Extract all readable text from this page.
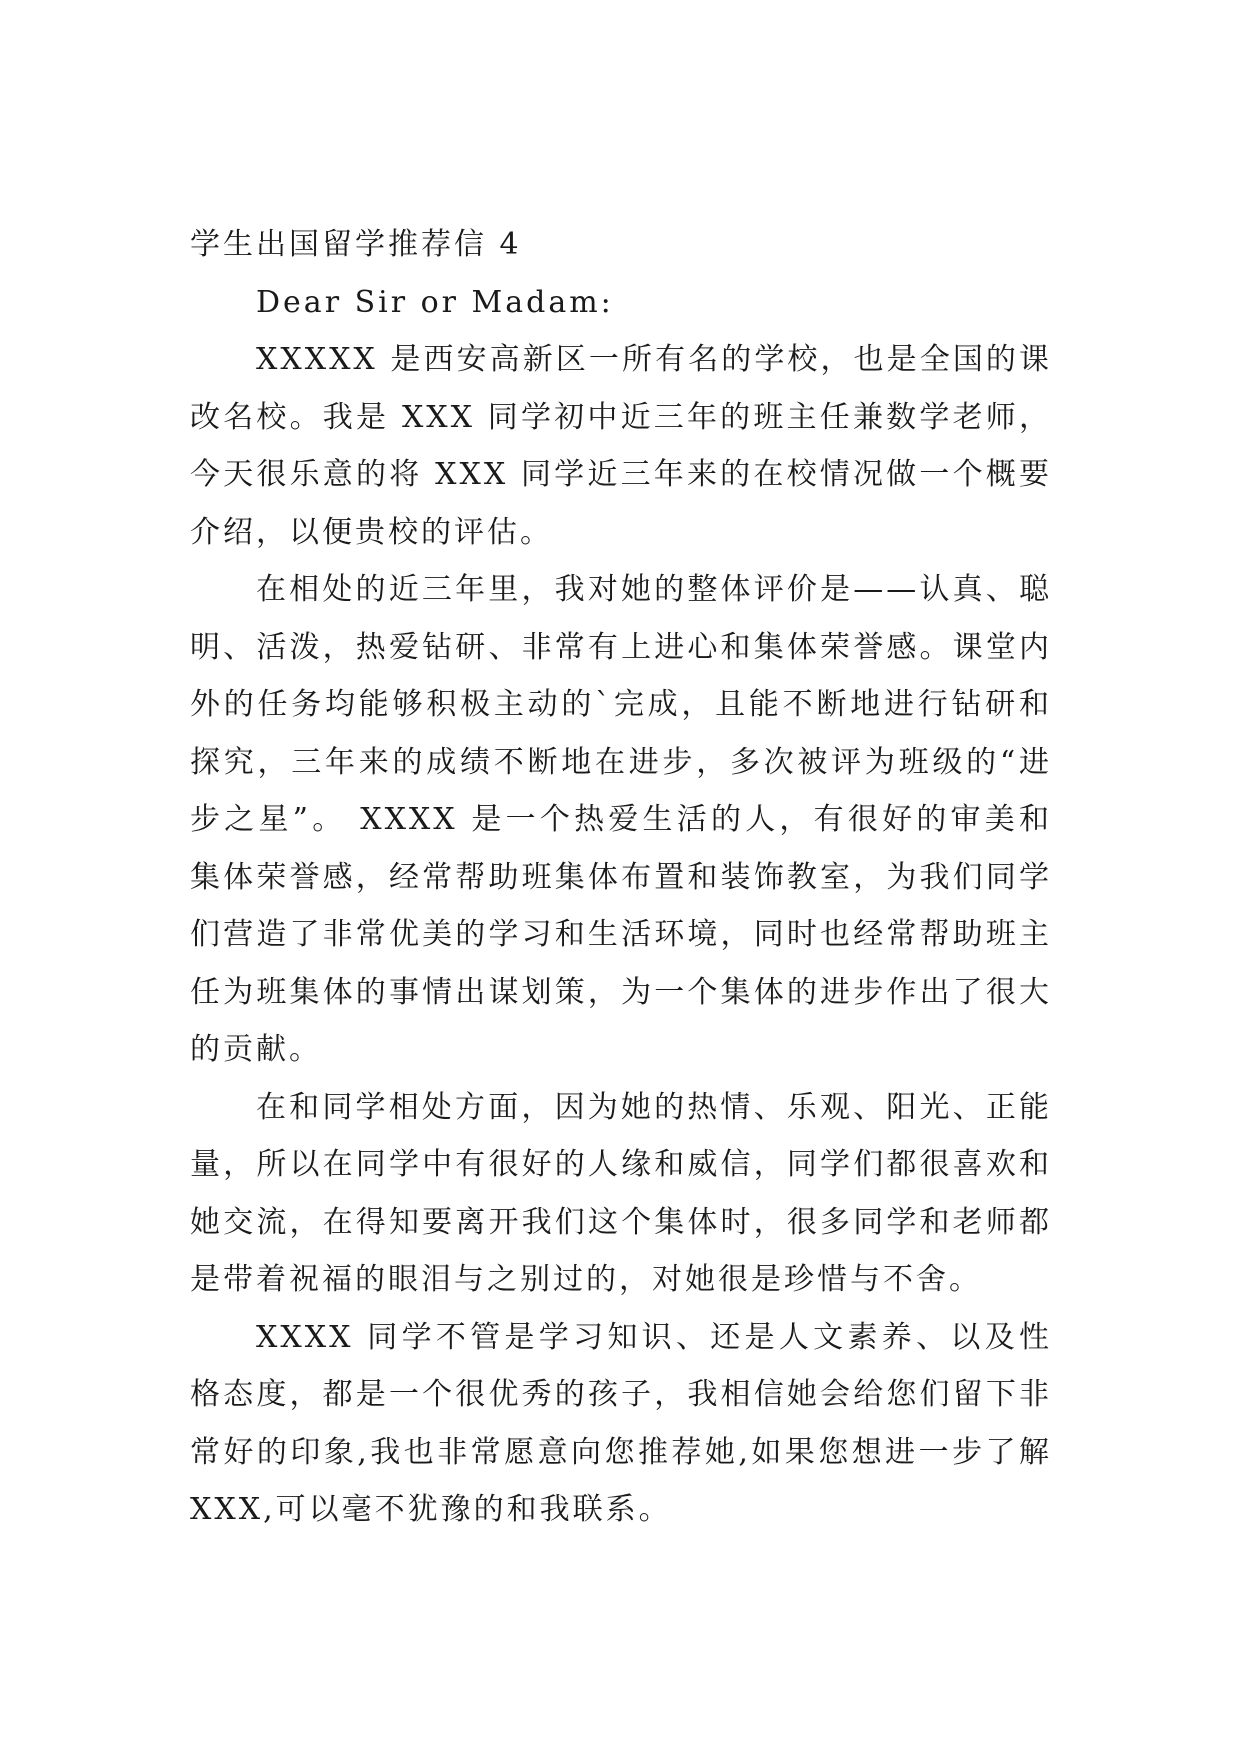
学生出国留学推荐信 4

Dear Sir or Madam:

XXXXX 是西安高新区一所有名的学校，也是全国的课改名校。我是 XXX 同学初中近三年的班主任兼数学老师，今天很乐意的将 XXX 同学近三年来的在校情况做一个概要介绍，以便贵校的评估。

在相处的近三年里，我对她的整体评价是——认真、聪明、活泼，热爱钻研、非常有上进心和集体荣誉感。课堂内外的任务均能够积极主动的`完成，且能不断地进行钻研和探究，三年来的成绩不断地在进步，多次被评为班级的“进步之星”。 XXXX 是一个热爱生活的人，有很好的审美和集体荣誉感，经常帮助班集体布置和装饰教室，为我们同学们营造了非常优美的学习和生活环境，同时也经常帮助班主任为班集体的事情出谋划策，为一个集体的进步作出了很大的贡献。

在和同学相处方面，因为她的热情、乐观、阳光、正能量，所以在同学中有很好的人缘和威信，同学们都很喜欢和她交流，在得知要离开我们这个集体时，很多同学和老师都是带着祝福的眼泪与之别过的，对她很是珍惜与不舍。

XXXX 同学不管是学习知识、还是人文素养、以及性格态度，都是一个很优秀的孩子，我相信她会给您们留下非常好的印象,我也非常愿意向您推荐她,如果您想进一步了解XXX,可以毫不犹豫的和我联系。
